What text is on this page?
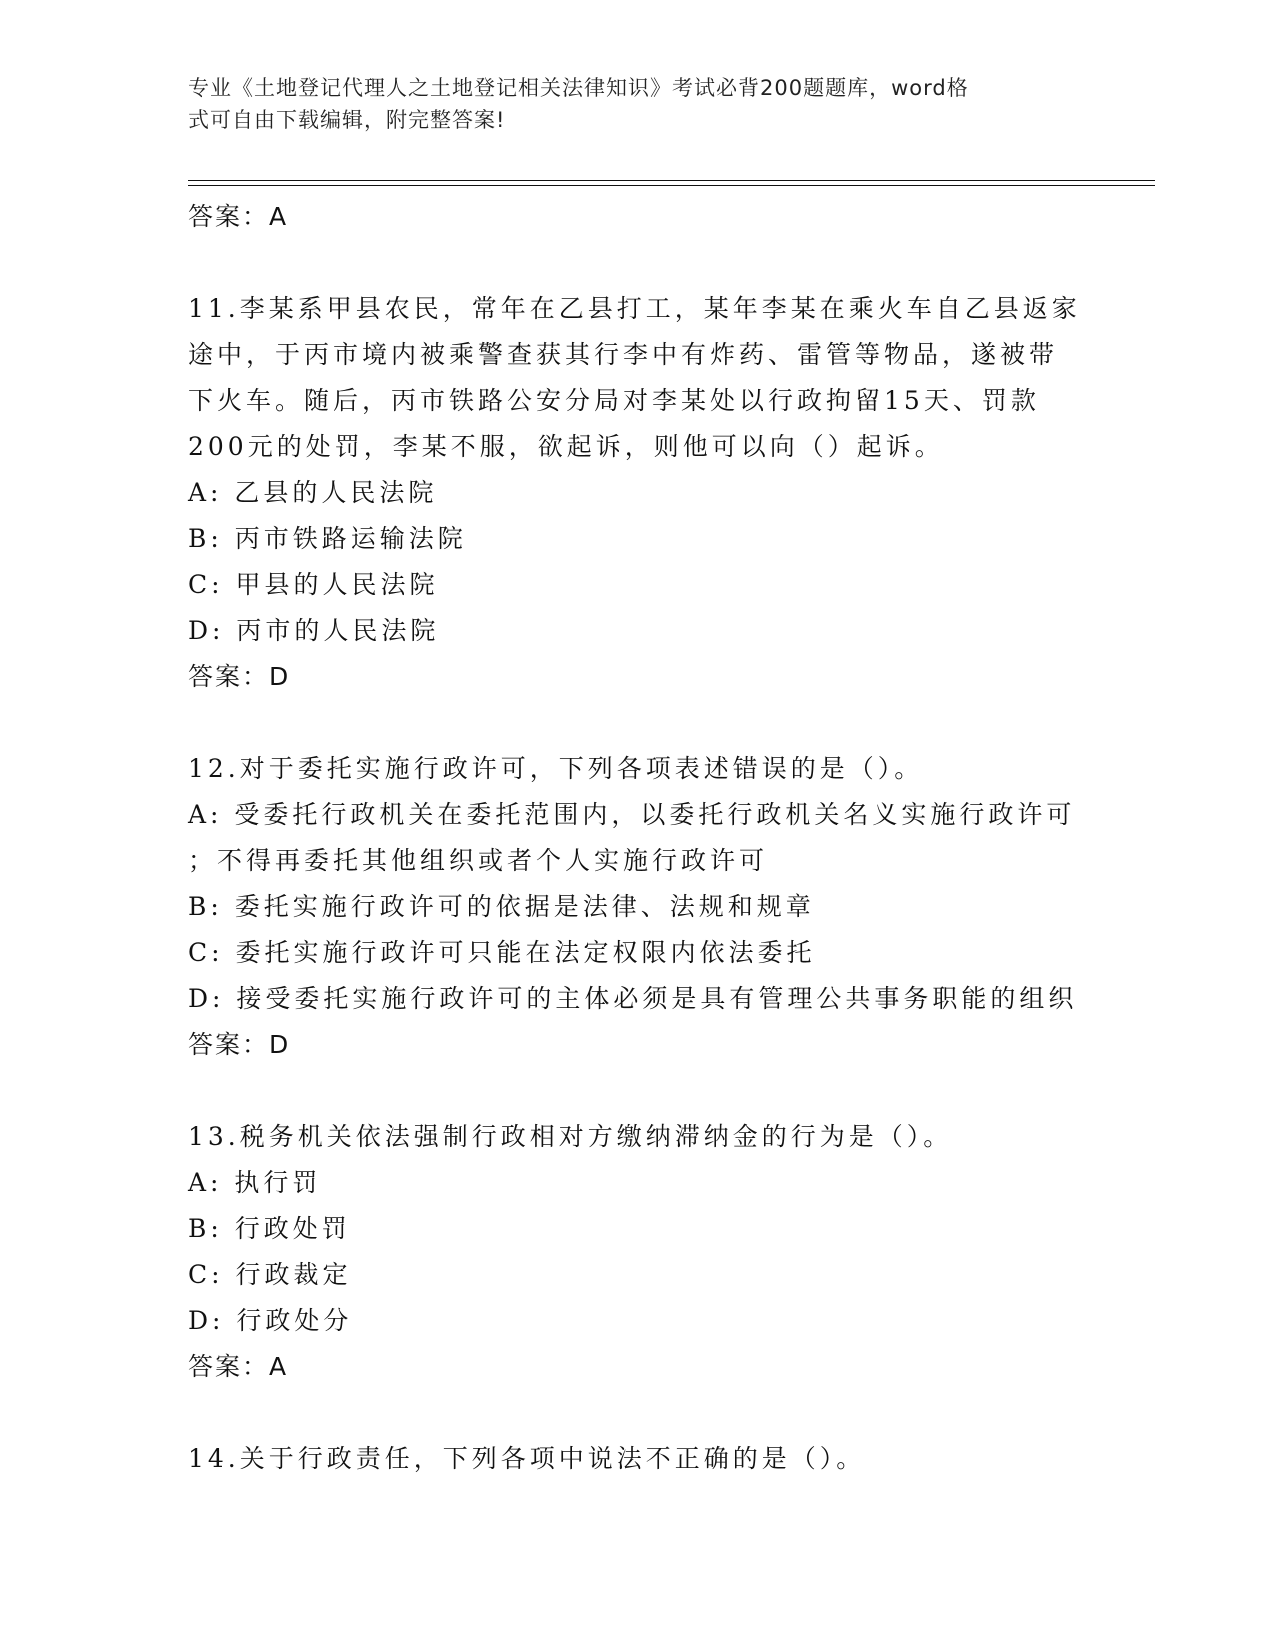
专业《土地登记代理人之土地登记相关法律知识》考试必背200题题库，word格
式可自由下载编辑，附完整答案!
答案：A
11.李某系甲县农民，常年在乙县打工，某年李某在乘火车自乙县返家
途中，于丙市境内被乘警查获其行李中有炸药、雷管等物品，遂被带
下火车。随后，丙市铁路公安分局对李某处以行政拘留15天、罚款
200元的处罚，李某不服，欲起诉，则他可以向（）起诉。
A: 乙县的人民法院
B: 丙市铁路运输法院
C: 甲县的人民法院
D: 丙市的人民法院
答案：D
12.对于委托实施行政许可，下列各项表述错误的是（）。
A: 受委托行政机关在委托范围内，以委托行政机关名义实施行政许可
；不得再委托其他组织或者个人实施行政许可
B: 委托实施行政许可的依据是法律、法规和规章
C: 委托实施行政许可只能在法定权限内依法委托
D: 接受委托实施行政许可的主体必须是具有管理公共事务职能的组织
答案：D
13.税务机关依法强制行政相对方缴纳滞纳金的行为是（）。
A: 执行罚
B: 行政处罚
C: 行政裁定
D: 行政处分
答案：A
14.关于行政责任，下列各项中说法不正确的是（）。
